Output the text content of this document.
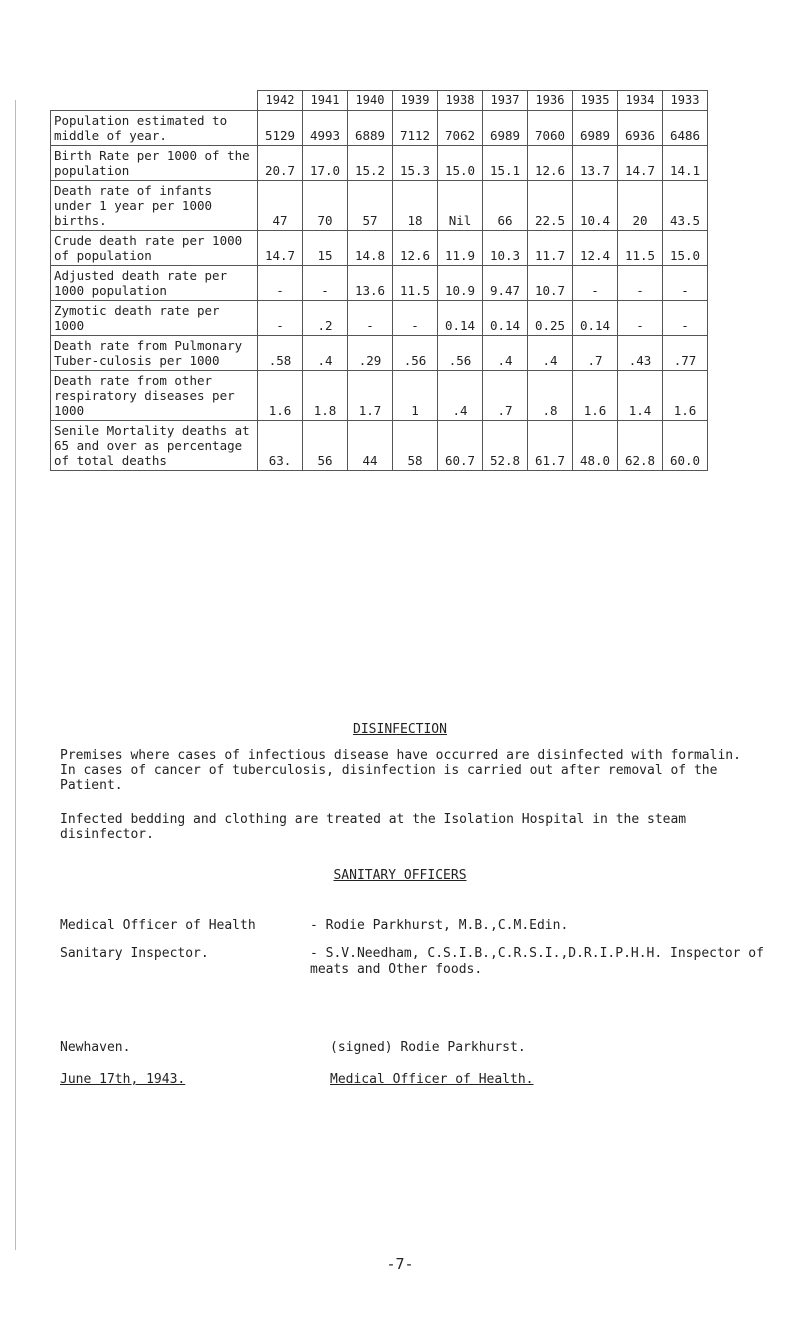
	1942	1941	1940	1939	1938	1937	1936	1935	1934	1933
Population estimated to middle of year.	5129	4993	6889	7112	7062	6989	7060	6989	6936	6486
Birth Rate per 1000 of the population	20.7	17.0	15.2	15.3	15.0	15.1	12.6	13.7	14.7	14.1
Death rate of infants under 1 year per 1000 births.	47	70	57	18	Nil	66	22.5	10.4	20	43.5
Crude death rate per 1000 of population	14.7	15	14.8	12.6	11.9	10.3	11.7	12.4	11.5	15.0
Adjusted death rate per 1000 population	-	-	13.6	11.5	10.9	9.47	10.7	-	-	-
Zymotic death rate per 1000	-	.2	-	-	0.14	0.14	0.25	0.14	-	-
Death rate from Pulmonary Tuber-culosis per 1000	.58	.4	.29	.56	.56	.4	.4	.7	.43	.77
Death rate from other respiratory diseases per 1000	1.6	1.8	1.7	1	.4	.7	.8	1.6	1.4	1.6
Senile Mortality deaths at 65 and over as percentage of total deaths	63.	56	44	58	60.7	52.8	61.7	48.0	62.8	60.0
DISINFECTION

Premises where cases of infectious disease have occurred are disinfected with formalin. In cases of cancer of tuberculosis, disinfection is carried out after removal of the Patient.

Infected bedding and clothing are treated at the Isolation Hospital in the steam disinfector.

SANITARY OFFICERS
Medical Officer of Health	- Rodie Parkhurst, M.B.,C.M.Edin.
Sanitary Inspector.	- S.V.Needham, C.S.I.B.,C.R.S.I.,D.R.I.P.H.H. Inspector of meats and Other foods.
Newhaven.
June 17th, 1943.
(signed) Rodie Parkhurst.
Medical Officer of Health.
-7-
